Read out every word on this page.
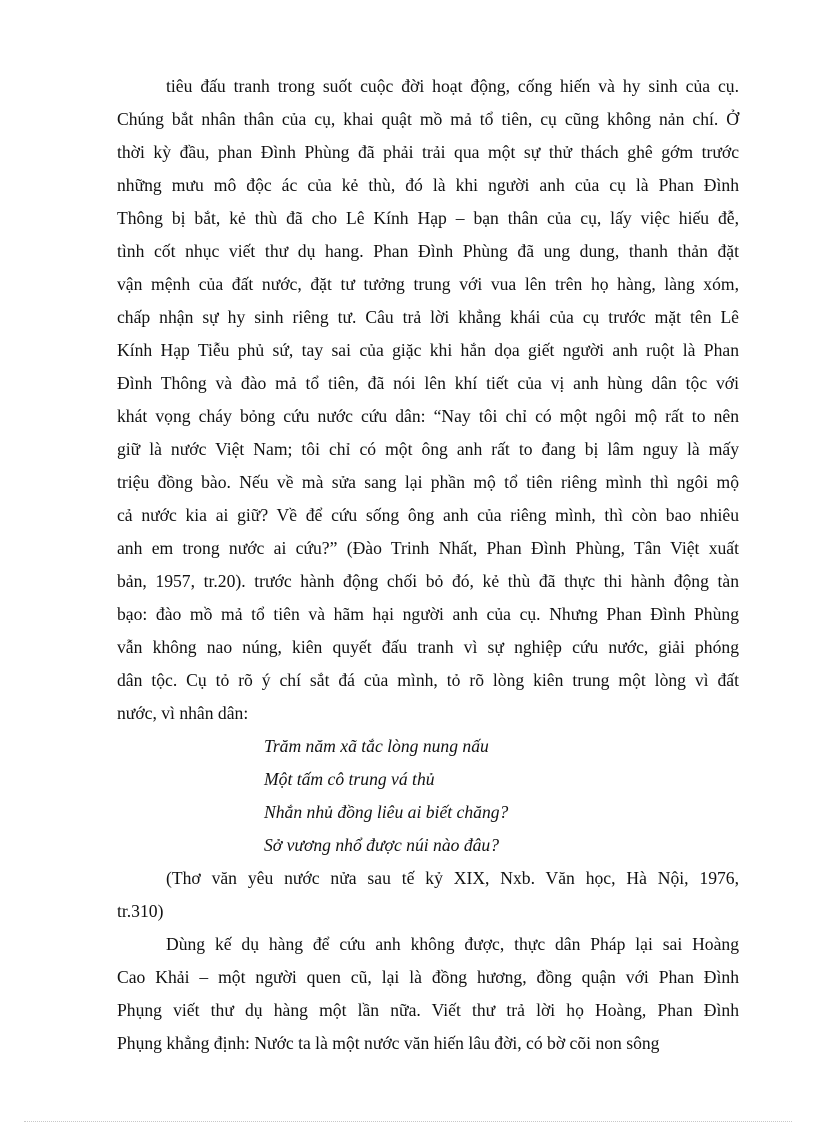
tiêu đấu tranh trong suốt cuộc đời hoạt động, cống hiến và hy sinh của cụ.
Chúng bắt nhân thân của cụ, khai quật mồ mả tổ tiên, cụ cũng không nản chí. Ở
thời kỳ đầu, phan Đình Phùng đã phải trải qua một sự thử thách ghê gớm trước
những mưu mô độc ác của kẻ thù, đó là khi người anh của cụ là Phan Đình
Thông bị bắt, kẻ thù đã cho Lê Kính Hạp – bạn thân của cụ, lấy việc hiếu đễ,
tình cốt nhục viết thư dụ hang. Phan Đình Phùng đã ung dung, thanh thản đặt
vận mệnh của đất nước, đặt tư tưởng trung với vua lên trên họ hàng, làng xóm,
chấp nhận sự hy sinh riêng tư. Câu trả lời khẳng khái của cụ trước mặt tên Lê
Kính Hạp Tiễu phủ sứ, tay sai của giặc khi hắn dọa giết người anh ruột là Phan
Đình Thông và đào mả tổ tiên, đã nói lên khí tiết của vị anh hùng dân tộc với
khát vọng cháy bỏng cứu nước cứu dân: “Nay tôi chỉ có một ngôi mộ rất to nên
giữ là nước Việt Nam; tôi chỉ có một ông anh rất to đang bị lâm nguy là mấy
triệu đồng bào. Nếu về mà sửa sang lại phần mộ tổ tiên riêng mình thì ngôi mộ
cả nước kia ai giữ? Về để cứu sống ông anh của riêng mình, thì còn bao nhiêu
anh em trong nước ai cứu?” (Đào Trinh Nhất, Phan Đình Phùng, Tân Việt xuất
bản, 1957, tr.20). trước hành động chối bỏ đó, kẻ thù đã thực thi hành động tàn
bạo: đào mồ mả tổ tiên và hãm hại người anh của cụ. Nhưng Phan Đình Phùng
vẫn không nao núng, kiên quyết đấu tranh vì sự nghiệp cứu nước, giải phóng
dân tộc. Cụ tỏ rõ ý chí sắt đá của mình, tỏ rõ lòng kiên trung một lòng vì đất
nước, vì nhân dân:
Trăm năm xã tắc lòng nung nấu
Một tấm cô trung vá thủ
Nhắn nhủ đồng liêu ai biết chăng?
Sở vương nhổ được núi nào đâu?
(Thơ văn yêu nước nửa sau tế kỷ XIX, Nxb. Văn học, Hà Nội, 1976,
tr.310)
Dùng kế dụ hàng để cứu anh không được, thực dân Pháp lại sai Hoàng
Cao Khải – một người quen cũ, lại là đồng hương, đồng quận với Phan Đình
Phụng viết thư dụ hàng một lần nữa. Viết thư trả lời họ Hoàng, Phan Đình
Phụng khẳng định: Nước ta là một nước văn hiến lâu đời, có bờ cõi non sông
